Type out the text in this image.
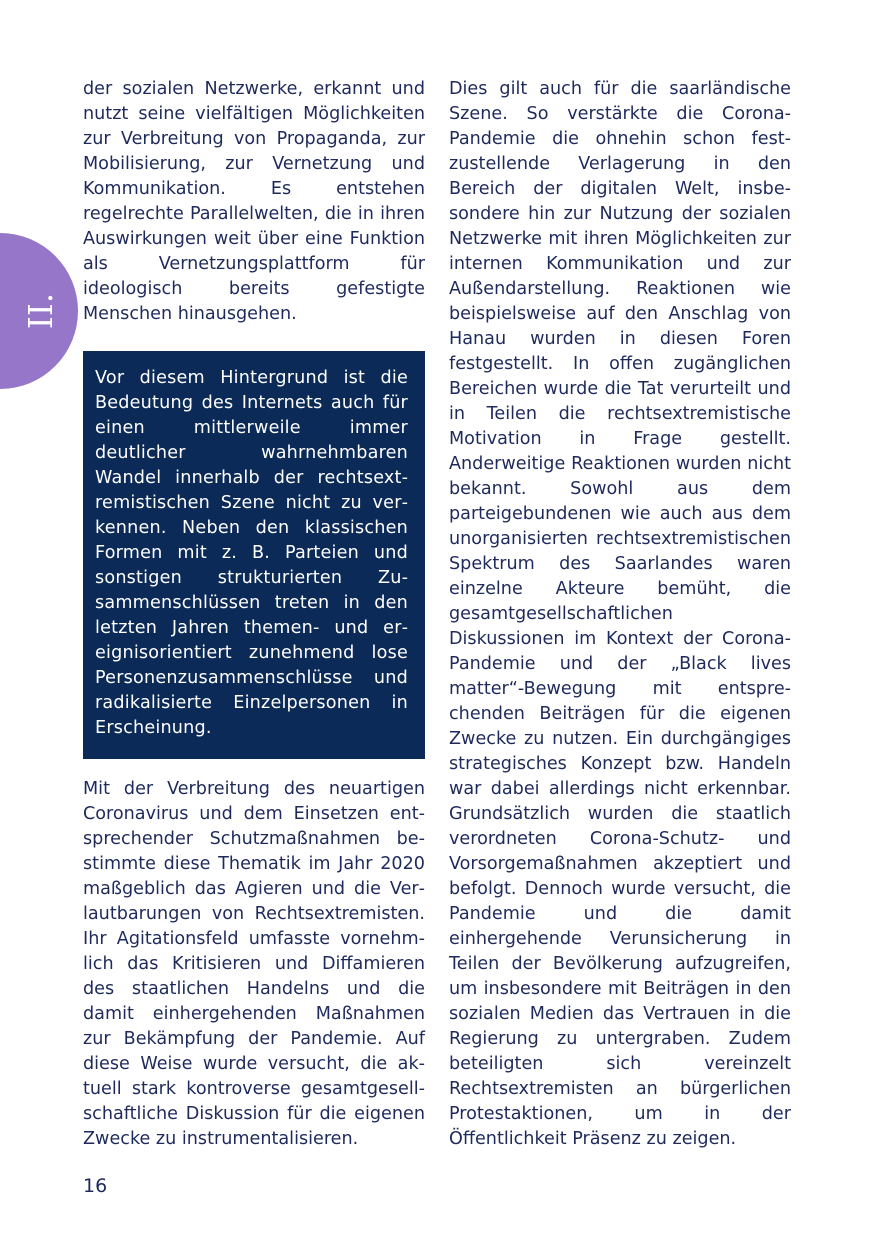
II.

der sozialen Netzwerke, erkannt und nutzt seine vielfältigen Möglichkeiten zur Verbreitung von Propaganda, zur Mobilisierung, zur Vernetzung und Kommunikation. Es entstehen regelrechte Parallelwelten, die in ihren Auswirkungen weit über eine Funktion als Vernetzungsplattform für ideologisch bereits gefestigte Menschen hinausgehen.

Vor diesem Hintergrund ist die Bedeutung des Internets auch für einen mittlerweile immer deutlicher wahrnehmbaren Wandel innerhalb der rechtsextremistischen Szene nicht zu verkennen. Neben den klassischen Formen mit z. B. Parteien und sonstigen strukturierten Zusammenschlüssen treten in den letzten Jahren themen- und ereignisorientiert zunehmend lose Personenzusammenschlüsse und radikalisierte Einzelpersonen in Erscheinung.

Mit der Verbreitung des neuartigen Coronavirus und dem Einsetzen entsprechender Schutzmaßnahmen bestimmte diese Thematik im Jahr 2020 maßgeblich das Agieren und die Verlautbarungen von Rechtsextremisten. Ihr Agitationsfeld umfasste vornehmlich das Kritisieren und Diffamieren des staatlichen Handelns und die damit einhergehenden Maßnahmen zur Bekämpfung der Pandemie. Auf diese Weise wurde versucht, die aktuell stark kontroverse gesamtgesellschaftliche Diskussion für die eigenen Zwecke zu instrumentalisieren.

Dies gilt auch für die saarländische Szene. So verstärkte die Corona-Pandemie die ohnehin schon festzustellende Verlagerung in den Bereich der digitalen Welt, insbesondere hin zur Nutzung der sozialen Netzwerke mit ihren Möglichkeiten zur internen Kommunikation und zur Außendarstellung. Reaktionen wie beispielsweise auf den Anschlag von Hanau wurden in diesen Foren festgestellt. In offen zugänglichen Bereichen wurde die Tat verurteilt und in Teilen die rechtsextremistische Motivation in Frage gestellt. Anderweitige Reaktionen wurden nicht bekannt. Sowohl aus dem parteigebundenen wie auch aus dem unorganisierten rechtsextremistischen Spektrum des Saarlandes waren einzelne Akteure bemüht, die gesamtgesellschaftlichen Diskussionen im Kontext der Corona-Pandemie und der „Black lives matter“-Bewegung mit entsprechenden Beiträgen für die eigenen Zwecke zu nutzen. Ein durchgängiges strategisches Konzept bzw. Handeln war dabei allerdings nicht erkennbar. Grundsätzlich wurden die staatlich verordneten Corona-Schutz- und Vorsorgemaßnahmen akzeptiert und befolgt. Dennoch wurde versucht, die Pandemie und die damit einhergehende Verunsicherung in Teilen der Bevölkerung aufzugreifen, um insbesondere mit Beiträgen in den sozialen Medien das Vertrauen in die Regierung zu untergraben. Zudem beteiligten sich vereinzelt Rechtsextremisten an bürgerlichen Protestaktionen, um in der Öffentlichkeit Präsenz zu zeigen.

16
